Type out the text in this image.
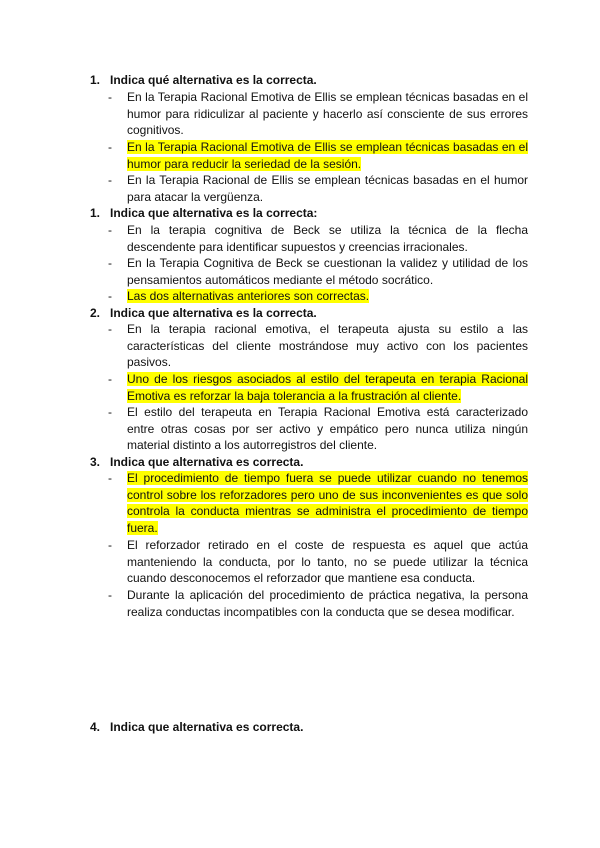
1. Indica qué alternativa es la correcta.
- En la Terapia Racional Emotiva de Ellis se emplean técnicas basadas en el humor para ridiculizar al paciente y hacerlo así consciente de sus errores cognitivos.
- En la Terapia Racional Emotiva de Ellis se emplean técnicas basadas en el humor para reducir la seriedad de la sesión.
- En la Terapia Racional de Ellis se emplean técnicas basadas en el humor para atacar la vergüenza.
1. Indica que alternativa es la correcta:
- En la terapia cognitiva de Beck se utiliza la técnica de la flecha descendente para identificar supuestos y creencias irracionales.
- En la Terapia Cognitiva de Beck se cuestionan la validez y utilidad de los pensamientos automáticos mediante el método socrático.
- Las dos alternativas anteriores son correctas.
2. Indica que alternativa es la correcta.
- En la terapia racional emotiva, el terapeuta ajusta su estilo a las características del cliente mostrándose muy activo con los pacientes pasivos.
- Uno de los riesgos asociados al estilo del terapeuta en terapia Racional Emotiva es reforzar la baja tolerancia a la frustración al cliente.
- El estilo del terapeuta en Terapia Racional Emotiva está caracterizado entre otras cosas por ser activo y empático pero nunca utiliza ningún material distinto a los autorregistros del cliente.
3. Indica que alternativa es correcta.
- El procedimiento de tiempo fuera se puede utilizar cuando no tenemos control sobre los reforzadores pero uno de sus inconvenientes es que solo controla la conducta mientras se administra el procedimiento de tiempo fuera.
- El reforzador retirado en el coste de respuesta es aquel que actúa manteniendo la conducta, por lo tanto, no se puede utilizar la técnica cuando desconocemos el reforzador que mantiene esa conducta.
- Durante la aplicación del procedimiento de práctica negativa, la persona realiza conductas incompatibles con la conducta que se desea modificar.
4. Indica que alternativa es correcta.
